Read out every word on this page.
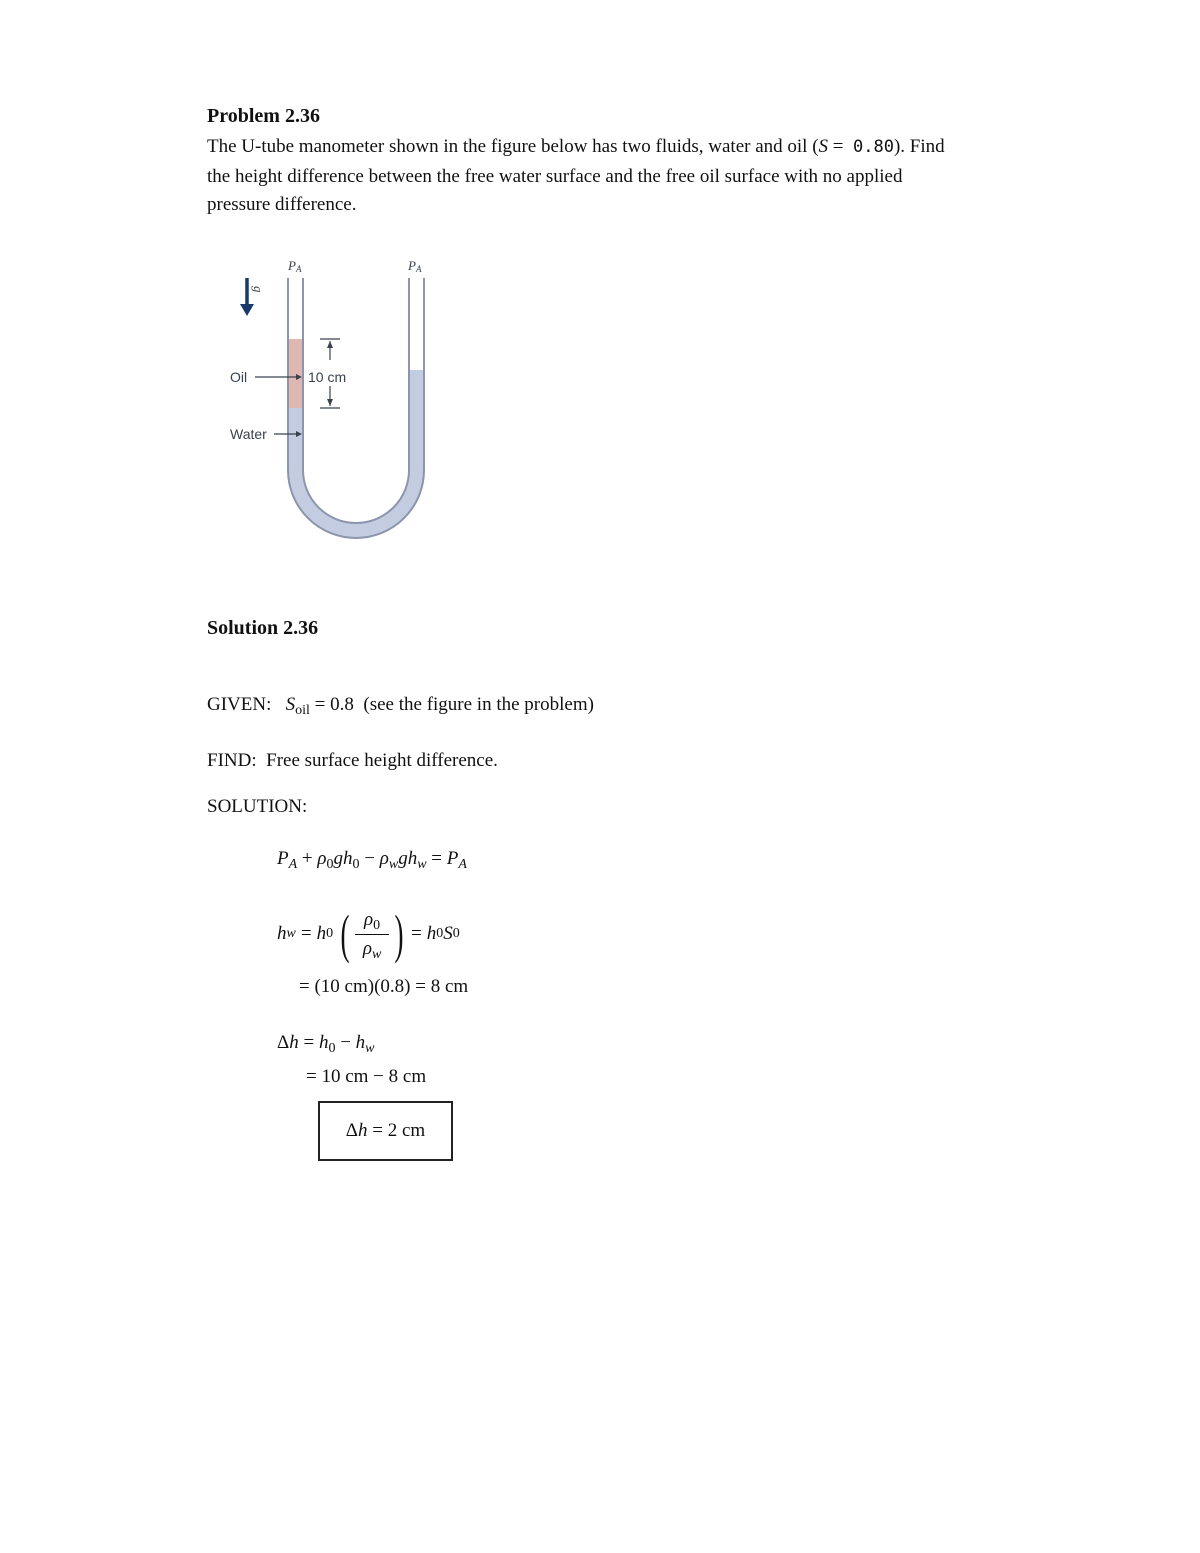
Problem 2.36
The U-tube manometer shown in the figure below has two fluids, water and oil (S = 0.80). Find
the height difference between the free water surface and the free oil surface with no applied
pressure difference.
g
PA	PA
Oil
Water
10 cm
Solution 2.36
GIVEN: $S_{oil} = 0.8$ (see the figure in the problem)
FIND: Free surface height difference.
SOLUTION:
$P_A + \rho_0gh_0 - \rho_wgh_w = P_A$
h w = h 0 ( $\rho_0$
$\rho_w$ ) = h 0 S 0
= (10 cm)(0.8) = 8 cm
$\Delta h = h_0 - h_w$
= 10 cm − 8 cm
Δ h
= 2 cm
